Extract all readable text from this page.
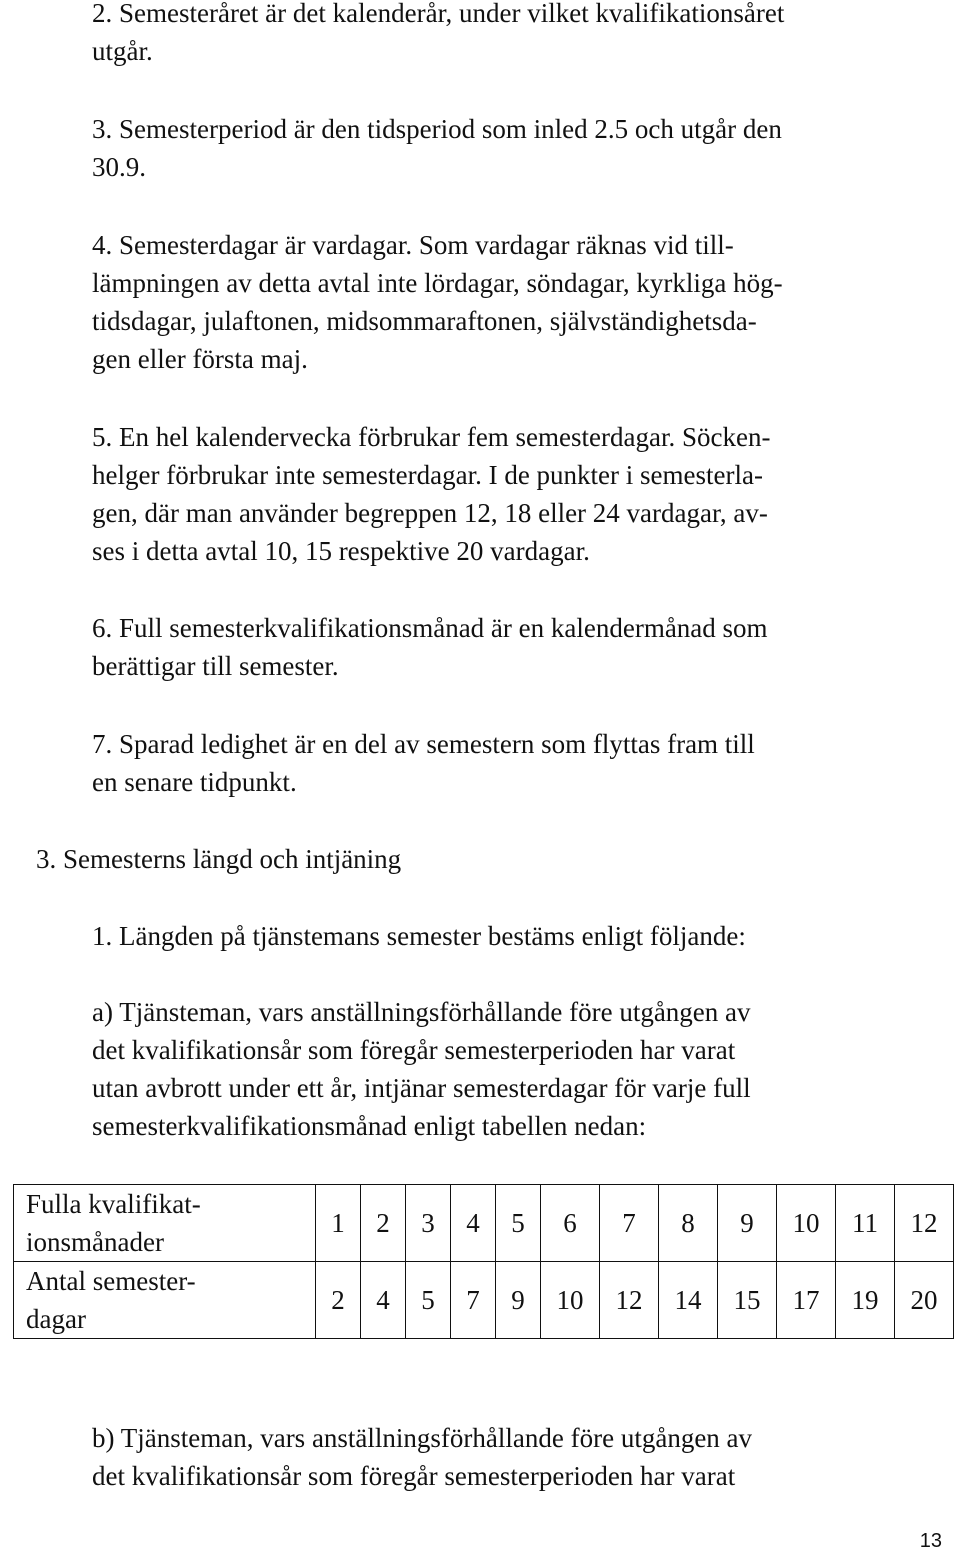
2. Semesteråret är det kalenderår, under vilket kvalifikationsåret
utgår.
3. Semesterperiod är den tidsperiod som inled 2.5 och utgår den
30.9.
4. Semesterdagar är vardagar. Som vardagar räknas vid till-
lämpningen av detta avtal inte lördagar, söndagar, kyrkliga hög-
tidsdagar, julaftonen, midsommaraftonen, självständighetsda-
gen eller första maj.
5. En hel kalendervecka förbrukar fem semesterdagar. Söcken-
helger förbrukar inte semesterdagar. I de punkter i semesterla-
gen, där man använder begreppen 12, 18 eller 24 vardagar, av-
ses i detta avtal 10, 15 respektive 20 vardagar.
6. Full semesterkvalifikationsmånad är en kalendermånad som
berättigar till semester.
7. Sparad ledighet är en del av semestern som flyttas fram till
en senare tidpunkt.
3. Semesterns längd och intjäning
1. Längden på tjänstemans semester bestäms enligt följande:
a) Tjänsteman, vars anställningsförhållande före utgången av
det kvalifikationsår som föregår semesterperioden har varat
utan avbrott under ett år, intjänar semesterdagar för varje full
semesterkvalifikationsmånad enligt tabellen nedan:
Fulla kvalifikat-
ionsmånader	1	2	3	4	5	6	7	8	9	10	11	12

Antal semester-
dagar	2	4	5	7	9	10	12	14	15	17	19	20
b) Tjänsteman, vars anställningsförhållande före utgången av
det kvalifikationsår som föregår semesterperioden har varat
13
